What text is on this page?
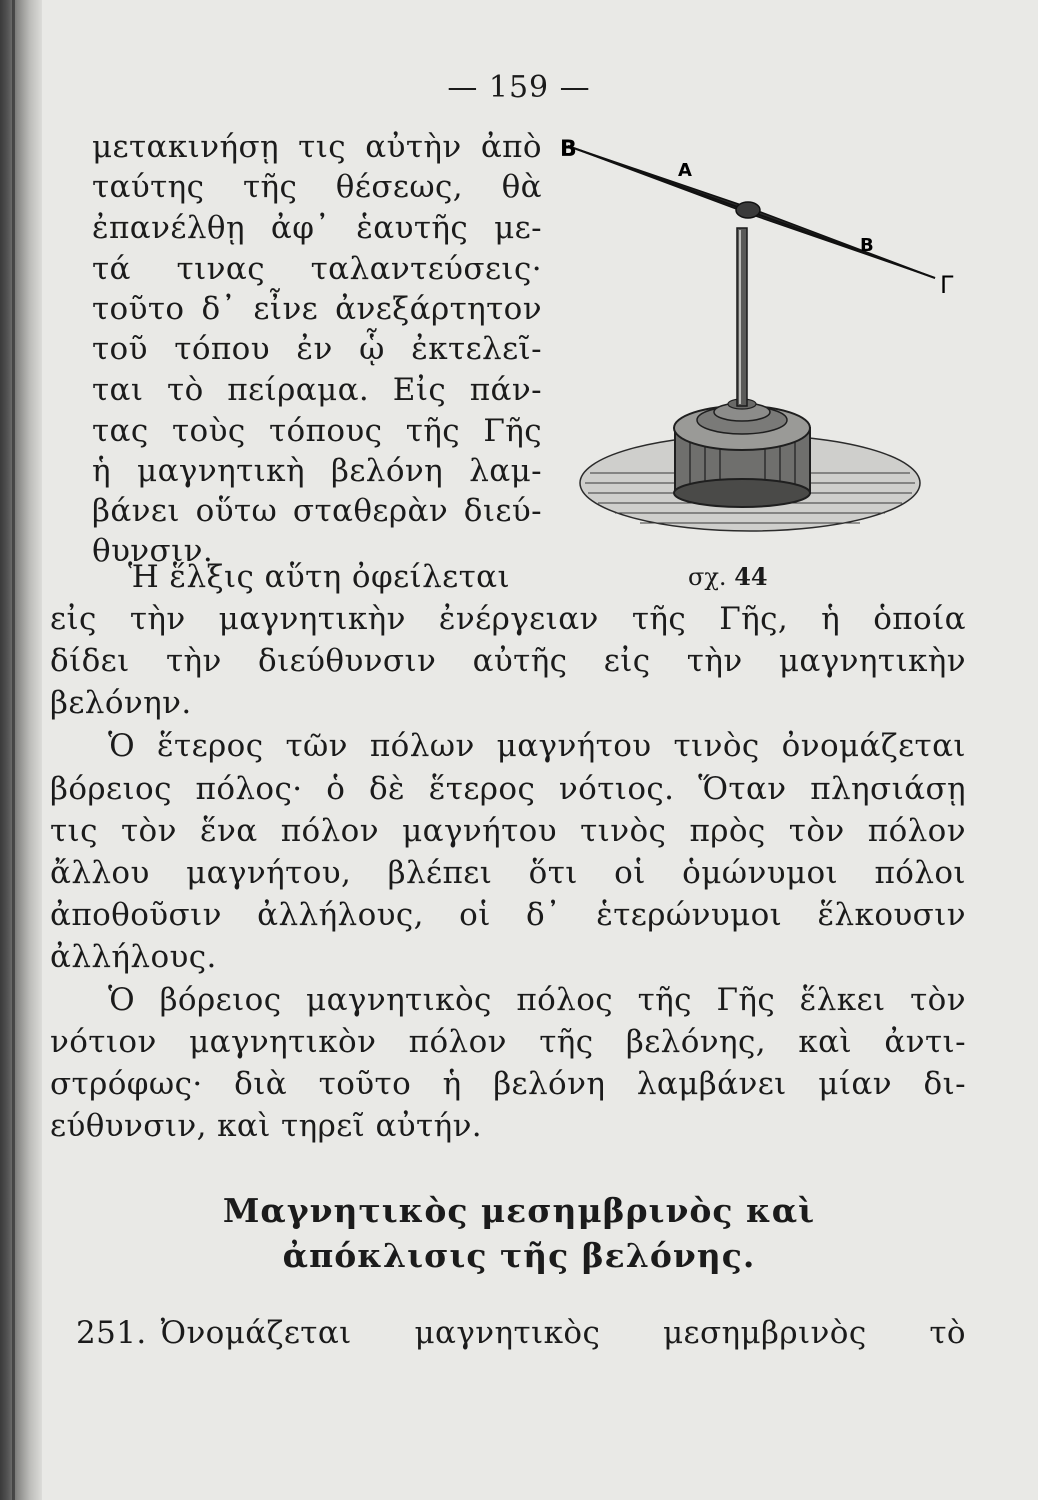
— 159 —

μετακινήσῃ τις αὐτὴν ἀπὸ

ταύτης τῆς θέσεως, θὰ

ἐπανέλθῃ ἀφ᾽ ἑαυτῆς με-

τά τινας ταλαντεύσεις·

τοῦτο δ᾽ εἶνε ἀνεξάρτητον

τοῦ τόπου ἐν ᾧ ἐκτελεῖ-

ται τὸ πείραμα. Εἰς πάν-

τας τοὺς τόπους τῆς Γῆς

ἡ μαγνητικὴ βελόνη λαμ-

βάνει οὕτω σταθερὰν διεύ-

θυνσιν.

Ἡ ἕλξις αὕτη ὀφείλεται

Β
Α
Β
Γ
σχ. 44

εἰς τὴν μαγνητικὴν ἐνέργειαν τῆς Γῆς, ἡ ὁποία

δίδει τὴν διεύθυνσιν αὐτῆς εἰς τὴν μαγνητικὴν

βελόνην.

Ὁ ἕτερος τῶν πόλων μαγνήτου τινὸς ὀνομάζεται

βόρειος πόλος· ὁ δὲ ἕτερος νότιος. Ὅταν πλησιάσῃ

τις τὸν ἕνα πόλον μαγνήτου τινὸς πρὸς τὸν πόλον

ἄλλου μαγνήτου, βλέπει ὅτι οἱ ὁμώνυμοι πόλοι

ἀποθοῦσιν ἀλλήλους, οἱ δ᾽ ἑτερώνυμοι ἕλκουσιν

ἀλλήλους.

Ὁ βόρειος μαγνητικὸς πόλος τῆς Γῆς ἕλκει τὸν

νότιον μαγνητικὸν πόλον τῆς βελόνης, καὶ ἀντι-

στρόφως· διὰ τοῦτο ἡ βελόνη λαμβάνει μίαν δι-

εύθυνσιν, καὶ τηρεῖ αὐτήν.

Μαγνητικὸς μεσημβρινὸς καὶ
ἀπόκλισις τῆς βελόνης.

251. Ὀνομάζεται μαγνητικὸς μεσημβρινὸς τὸ
